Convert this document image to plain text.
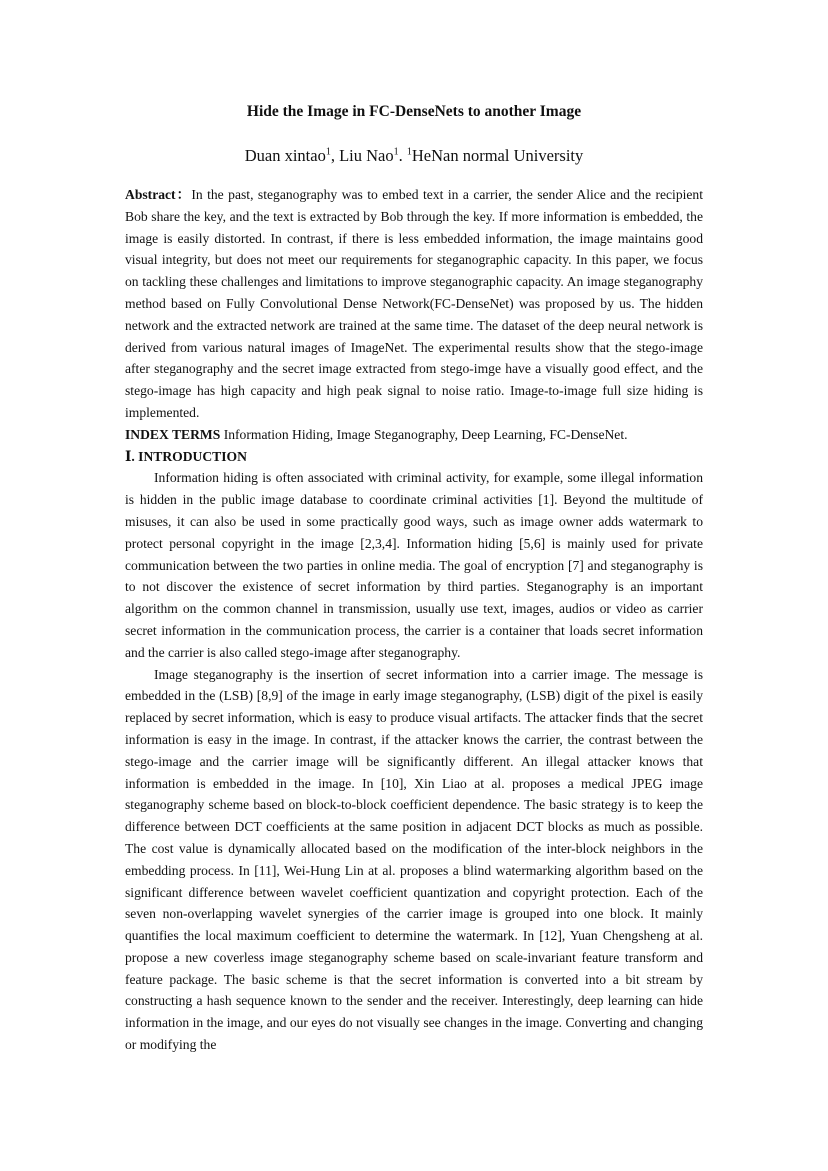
Hide the Image in FC-DenseNets to another Image

Duan xintao$^1$, Liu Nao$^1$. $^1$HeNan normal University

Abstract：In the past, steganography was to embed text in a carrier, the sender Alice and the recipient Bob share the key, and the text is extracted by Bob through the key. If more information is embedded, the image is easily distorted. In contrast, if there is less embedded information, the image maintains good visual integrity, but does not meet our requirements for steganographic capacity. In this paper, we focus on tackling these challenges and limitations to improve steganographic capacity. An image steganography method based on Fully Convolutional Dense Network(FC-DenseNet) was proposed by us. The hidden network and the extracted network are trained at the same time. The dataset of the deep neural network is derived from various natural images of ImageNet. The experimental results show that the stego-image after steganography and the secret image extracted from stego-imge have a visually good effect, and the stego-image has high capacity and high peak signal to noise ratio. Image-to-image full size hiding is implemented.

INDEX TERMS Information Hiding, Image Steganography, Deep Learning, FC-DenseNet.

Ⅰ. INTRODUCTION

Information hiding is often associated with criminal activity, for example, some illegal information is hidden in the public image database to coordinate criminal activities [1]. Beyond the multitude of misuses, it can also be used in some practically good ways, such as image owner adds watermark to protect personal copyright in the image [2,3,4]. Information hiding [5,6] is mainly used for private communication between the two parties in online media. The goal of encryption [7] and steganography is to not discover the existence of secret information by third parties. Steganography is an important algorithm on the common channel in transmission, usually use text, images, audios or video as carrier secret information in the communication process, the carrier is a container that loads secret information and the carrier is also called stego-image after steganography.

Image steganography is the insertion of secret information into a carrier image. The message is embedded in the (LSB) [8,9] of the image in early image steganography, (LSB) digit of the pixel is easily replaced by secret information, which is easy to produce visual artifacts. The attacker finds that the secret information is easy in the image. In contrast, if the attacker knows the carrier, the contrast between the stego-image and the carrier image will be significantly different. An illegal attacker knows that information is embedded in the image. In [10], Xin Liao at al. proposes a medical JPEG image steganography scheme based on block-to-block coefficient dependence. The basic strategy is to keep the difference between DCT coefficients at the same position in adjacent DCT blocks as much as possible. The cost value is dynamically allocated based on the modification of the inter-block neighbors in the embedding process. In [11], Wei-Hung Lin at al. proposes a blind watermarking algorithm based on the significant difference between wavelet coefficient quantization and copyright protection. Each of the seven non-overlapping wavelet synergies of the carrier image is grouped into one block. It mainly quantifies the local maximum coefficient to determine the watermark. In [12], Yuan Chengsheng at al. propose a new coverless image steganography scheme based on scale-invariant feature transform and feature package. The basic scheme is that the secret information is converted into a bit stream by constructing a hash sequence known to the sender and the receiver. Interestingly, deep learning can hide information in the image, and our eyes do not visually see changes in the image. Converting and changing or modifying the
